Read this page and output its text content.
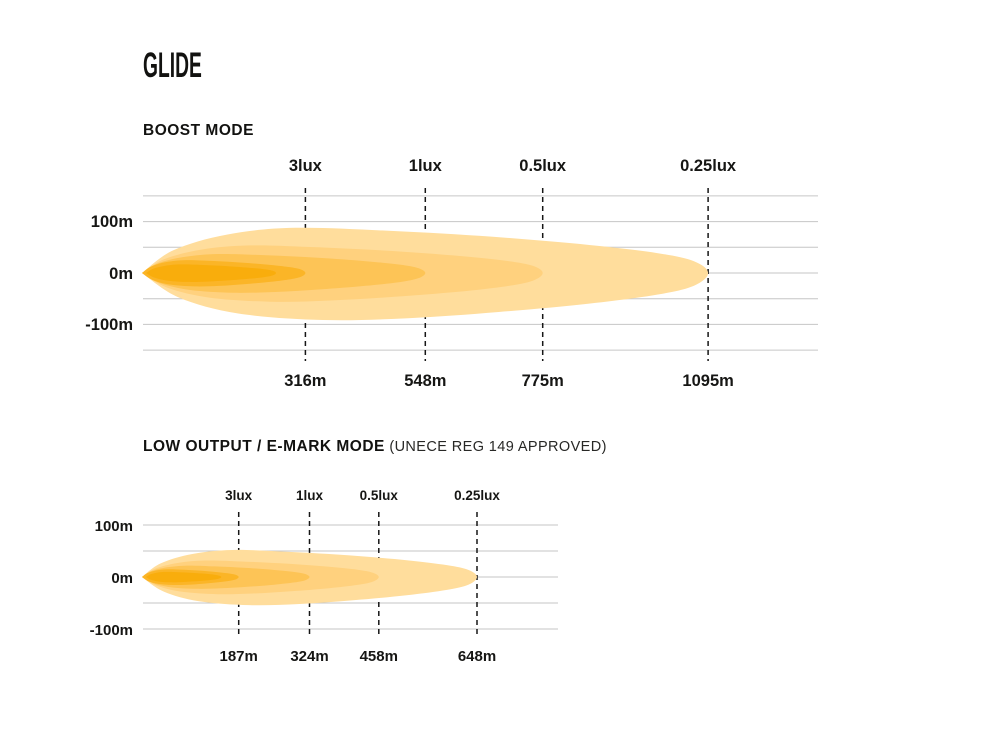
100m
0m
-100m
3lux
316m
1lux
548m
0.5lux
775m
0.25lux
1095m
100m
0m
-100m
3lux
187m
1lux
324m
0.5lux
458m
0.25lux
648m
GLIDE
BOOST MODE
LOW OUTPUT / E-MARK MODE (UNECE REG 149 APPROVED)
